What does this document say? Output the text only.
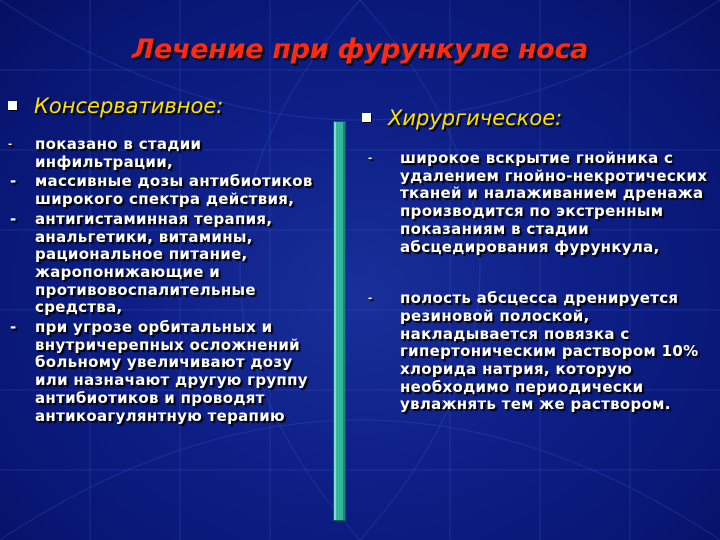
Лечение при фурункуле носа
Консервативное:
- показано в стадии инфильтрации,
- массивные дозы антибиотиков широкого спектра действия,
- антигистаминная терапия, анальгетики, витамины, рациональное питание, жаропонижающие и противовоспалительные средства,
- при угрозе орбитальных и внутричерепных осложнений больному увеличивают дозу или назначают другую группу антибиотиков и проводят антикоагулянтную терапию
Хирургическое:
- широкое вскрытие гнойника с удалением гнойно-некротических тканей и налаживанием дренажа производится по экстренным показаниям в стадии абсцедирования фурункула,
- полость абсцесса дренируется резиновой полоской, накладывается повязка с гипертоническим раствором 10% хлорида натрия, которую необходимо периодически увлажнять тем же раствором.
